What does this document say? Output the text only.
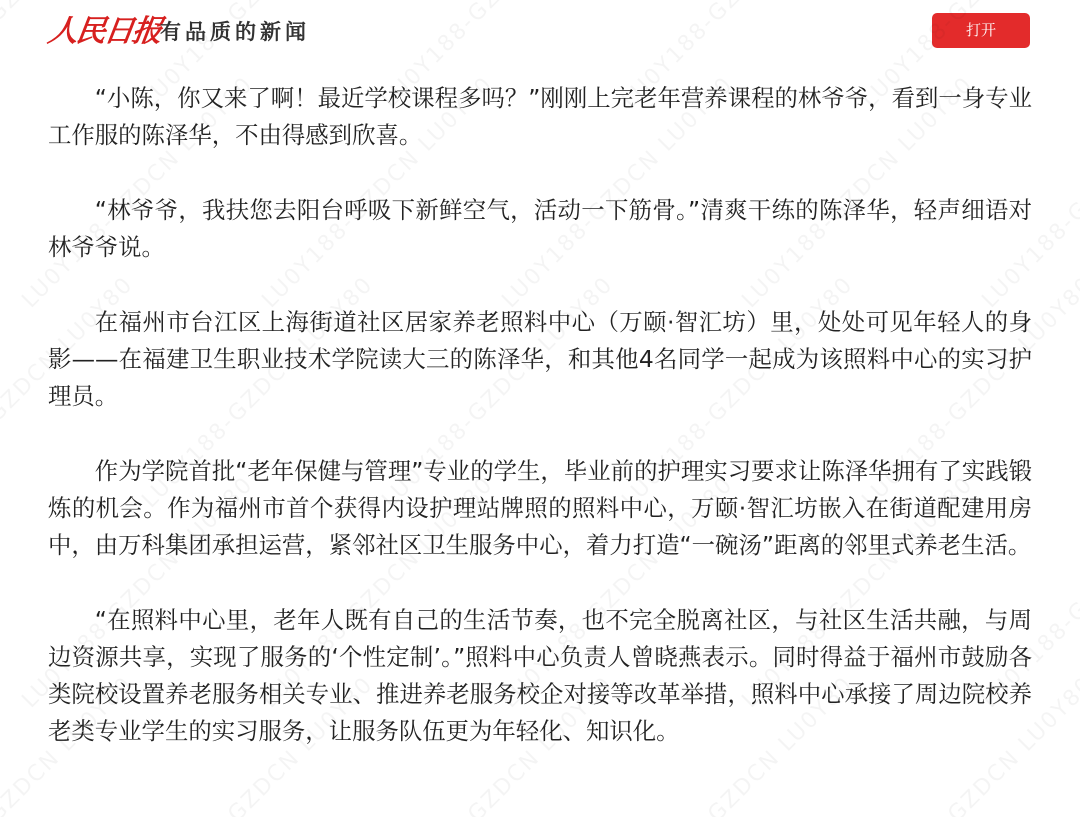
人民日报
有品质的新闻	打开

“小陈，你又来了啊！最近学校课程多吗？”刚刚上完老年营养课程的林爷爷，看到一身专业工作服的陈泽华，不由得感到欣喜。

“林爷爷，我扶您去阳台呼吸下新鲜空气，活动一下筋骨。”清爽干练的陈泽华，轻声细语对林爷爷说。

在福州市台江区上海街道社区居家养老照料中心（万颐·智汇坊）里，处处可见年轻人的身影——在福建卫生职业技术学院读大三的陈泽华，和其他4名同学一起成为该照料中心的实习护理员。

作为学院首批“老年保健与管理”专业的学生，毕业前的护理实习要求让陈泽华拥有了实践锻炼的机会。作为福州市首个获得内设护理站牌照的照料中心，万颐·智汇坊嵌入在街道配建用房中，由万科集团承担运营，紧邻社区卫生服务中心，着力打造“一碗汤”距离的邻里式养老生活。

“在照料中心里，老年人既有自己的生活节奏，也不完全脱离社区，与社区生活共融，与周边资源共享，实现了服务的‘个性定制’。”照料中心负责人曾晓燕表示。同时得益于福州市鼓励各类院校设置养老服务相关专业、推进养老服务校企对接等改革举措，照料中心承接了周边院校养老类专业学生的实习服务，让服务队伍更为年轻化、知识化。
